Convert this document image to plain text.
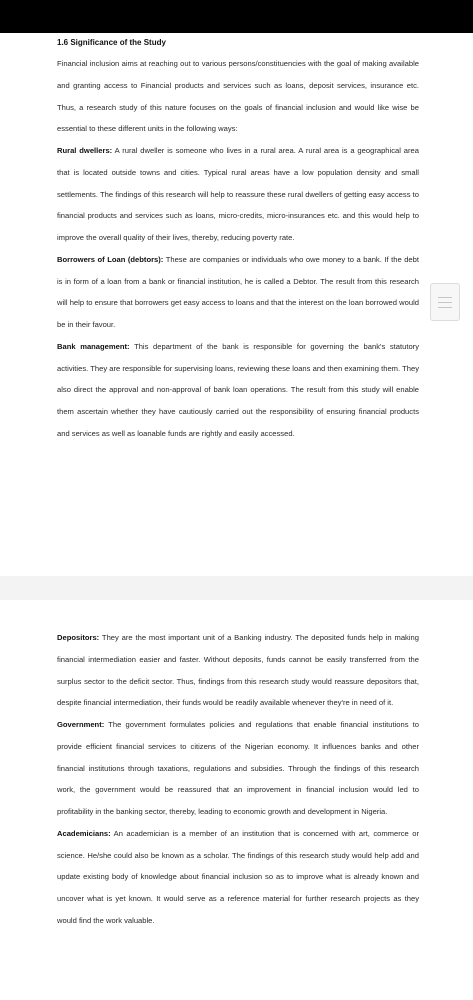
1.6 Significance of the Study

Financial inclusion aims at reaching out to various persons/constituencies with the goal of making available and granting access to Financial products and services such as loans, deposit services, insurance etc. Thus, a research study of this nature focuses on the goals of financial inclusion and would like wise be essential to these different units in the following ways:

Rural dwellers: A rural dweller is someone who lives in a rural area. A rural area is a geographical area that is located outside towns and cities. Typical rural areas have a low population density and small settlements. The findings of this research will help to reassure these rural dwellers of getting easy access to financial products and services such as loans, micro-credits, micro-insurances etc. and this would help to improve the overall quality of their lives, thereby, reducing poverty rate.

Borrowers of Loan (debtors): These are companies or individuals who owe money to a bank. If the debt is in form of a loan from a bank or financial institution, he is called a Debtor. The result from this research will help to ensure that borrowers get easy access to loans and that the interest on the loan borrowed would be in their favour.

Bank management: This department of the bank is responsible for governing the bank's statutory activities. They are responsible for supervising loans, reviewing these loans and then examining them. They also direct the approval and non-approval of bank loan operations. The result from this study will enable them ascertain whether they have cautiously carried out the responsibility of ensuring financial products and services as well as loanable funds are rightly and easily accessed.

Depositors: They are the most important unit of a Banking industry. The deposited funds help in making financial intermediation easier and faster. Without deposits, funds cannot be easily transferred from the surplus sector to the deficit sector. Thus, findings from this research study would reassure depositors that, despite financial intermediation, their funds would be readily available whenever they're in need of it.

Government: The government formulates policies and regulations that enable financial institutions to provide efficient financial services to citizens of the Nigerian economy. It influences banks and other financial institutions through taxations, regulations and subsidies. Through the findings of this research work, the government would be reassured that an improvement in financial inclusion would led to profitability in the banking sector, thereby, leading to economic growth and development in Nigeria.

Academicians: An academician is a member of an institution that is concerned with art, commerce or science. He/she could also be known as a scholar. The findings of this research study would help add and update existing body of knowledge about financial inclusion so as to improve what is already known and uncover what is yet known. It would serve as a reference material for further research projects as they would find the work valuable.
